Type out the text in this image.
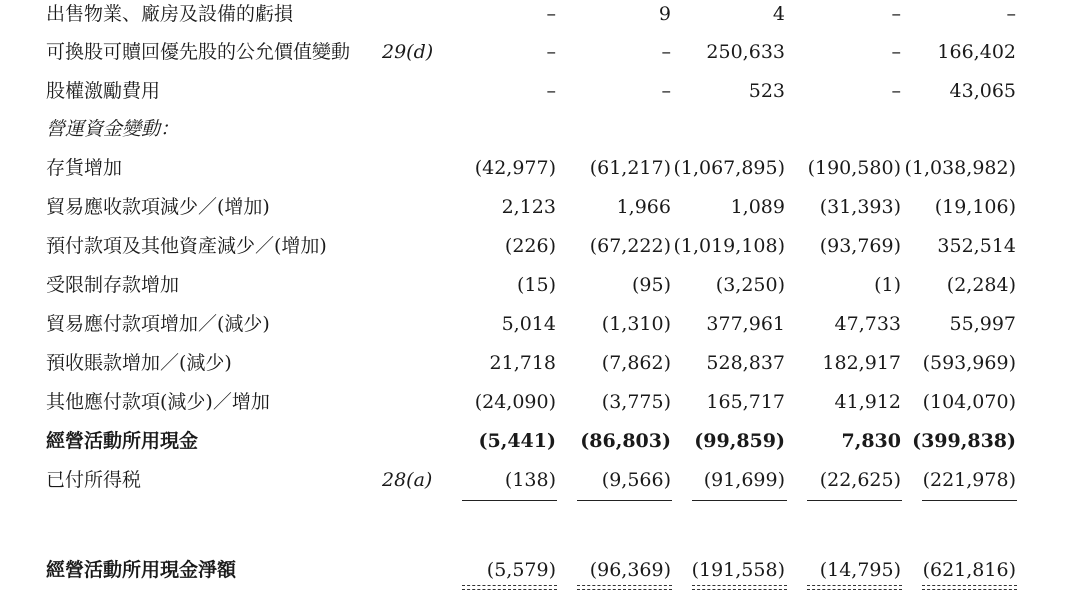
出售物業、廠房及設備的虧損	–	9	4	–	–
可換股可贖回優先股的公允價值變動 29(d)	–	– 250,633	– 166,402
股權激勵費用	–	–	523	–	43,065
營運資金變動：
存貨增加	(42,977) (61,217) (1,067,895) (190,580) (1,038,982)
貿易應收款項減少／(增加)	2,123	1,966	1,089 (31,393) (19,106)
預付款項及其他資產減少／(增加)	(226) (67,222) (1,019,108) (93,769) 352,514
受限制存款增加	(15)	(95) (3,250)	(1) (2,284)
貿易應付款項增加／(減少)	5,014 (1,310) 377,961	47,733	55,997
預收賬款增加／(減少)	21,718 (7,862) 528,837 182,917 (593,969)
其他應付款項(減少)／增加	(24,090) (3,775) 165,717	41,912 (104,070)
經營活動所用現金	(5,441) (86,803) (99,859)	7,830 (399,838)
已付所得税	28(a)	(138) (9,566) (91,699) (22,625) (221,978)
經營活動所用現金淨額	(5,579) (96,369) (191,558) (14,795) (621,816)
